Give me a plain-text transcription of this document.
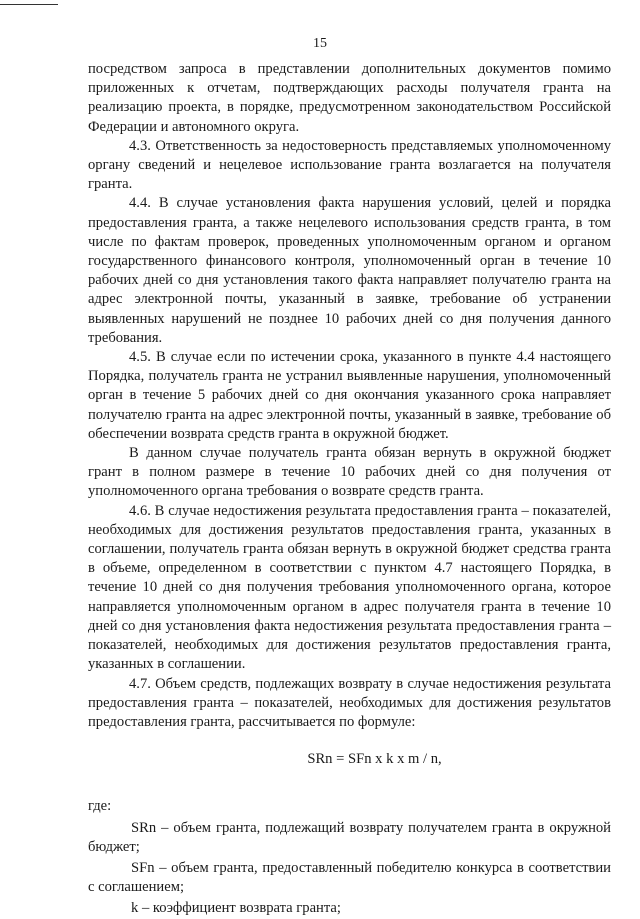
15

посредством запроса в представлении дополнительных документов помимо приложенных к отчетам, подтверждающих расходы получателя гранта на реализацию проекта, в порядке, предусмотренном законодательством Российской Федерации и автономного округа.

4.3. Ответственность за недостоверность представляемых уполномоченному органу сведений и нецелевое использование гранта возлагается на получателя гранта.

4.4. В случае установления факта нарушения условий, целей и порядка предоставления гранта, а также нецелевого использования средств гранта, в том числе по фактам проверок, проведенных уполномоченным органом и органом государственного финансового контроля, уполномоченный орган в течение 10 рабочих дней со дня установления такого факта направляет получателю гранта на адрес электронной почты, указанный в заявке, требование об устранении выявленных нарушений не позднее 10 рабочих дней со дня получения данного требования.

4.5. В случае если по истечении срока, указанного в пункте 4.4 настоящего Порядка, получатель гранта не устранил выявленные нарушения, уполномоченный орган в течение 5 рабочих дней со дня окончания указанного срока направляет получателю гранта на адрес электронной почты, указанный в заявке, требование об обеспечении возврата средств гранта в окружной бюджет.

В данном случае получатель гранта обязан вернуть в окружной бюджет грант в полном размере в течение 10 рабочих дней со дня получения от уполномоченного органа требования о возврате средств гранта.

4.6. В случае недостижения результата предоставления гранта – показателей, необходимых для достижения результатов предоставления гранта, указанных в соглашении, получатель гранта обязан вернуть в окружной бюджет средства гранта в объеме, определенном в соответствии с пунктом 4.7 настоящего Порядка, в течение 10 дней со дня получения требования уполномоченного органа, которое направляется уполномоченным органом в адрес получателя гранта в течение 10 дней со дня установления факта недостижения результата предоставления гранта – показателей, необходимых для достижения результатов предоставления гранта, указанных в соглашении.

4.7. Объем средств, подлежащих возврату в случае недостижения результата предоставления гранта – показателей, необходимых для достижения результатов предоставления гранта, рассчитывается по формуле:

SRn = SFn x k x m / n,

где:

SRn – объем гранта, подлежащий возврату получателем гранта в окружной бюджет;

SFn – объем гранта, предоставленный победителю конкурса в соответствии с соглашением;

k – коэффициент возврата гранта;
